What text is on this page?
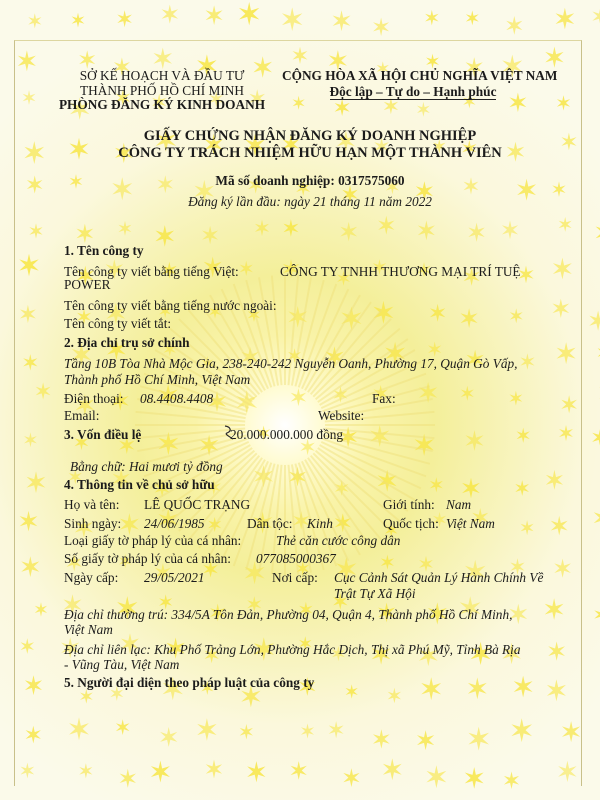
SỞ KẾ HOẠCH VÀ ĐẦU TƯ
THÀNH PHỐ HỒ CHÍ MINH
PHÒNG ĐĂNG KÝ KINH DOANH
CỘNG HÒA XÃ HỘI CHỦ NGHĨA VIỆT NAM
Độc lập – Tự do – Hạnh phúc
GIẤY CHỨNG NHẬN ĐĂNG KÝ DOANH NGHIỆP
CÔNG TY TRÁCH NHIỆM HỮU HẠN MỘT THÀNH VIÊN
Mã số doanh nghiệp: 0317575060
Đăng ký lần đầu: ngày 21 tháng 11 năm 2022
1. Tên công ty
Tên công ty viết bằng tiếng Việt:	CÔNG TY TNHH THƯƠNG MẠI TRÍ TUỆ
POWER
Tên công ty viết bằng tiếng nước ngoài:
Tên công ty viết tắt:
2. Địa chỉ trụ sở chính
Tầng 10B Tòa Nhà Mộc Gia, 238-240-242 Nguyễn Oanh, Phường 17, Quận Gò Vấp,
Thành phố Hồ Chí Minh, Việt Nam
Điện thoại: 08.4408.4408	Fax:
Email:	Website:
3. Vốn điều lệ	20.000.000.000 đồng
Bằng chữ: Hai mươi tỷ đồng
4. Thông tin về chủ sở hữu
Họ và tên: LÊ QUỐC TRẠNG	Giới tính: Nam
Sinh ngày: 24/06/1985	Dân tộc: Kinh	Quốc tịch: Việt Nam
Loại giấy tờ pháp lý của cá nhân:	Thẻ căn cước công dân
Số giấy tờ pháp lý của cá nhân: 077085000367
Ngày cấp: 29/05/2021	Nơi cấp: Cục Cảnh Sát Quản Lý Hành Chính Về
Trật Tự Xã Hội
Địa chỉ thường trú: 334/5A Tôn Đản, Phường 04, Quận 4, Thành phố Hồ Chí Minh,
Việt Nam
Địa chỉ liên lạc: Khu Phố Trảng Lớn, Phường Hắc Dịch, Thị xã Phú Mỹ, Tỉnh Bà Rịa
- Vũng Tàu, Việt Nam
5. Người đại diện theo pháp luật của công ty
